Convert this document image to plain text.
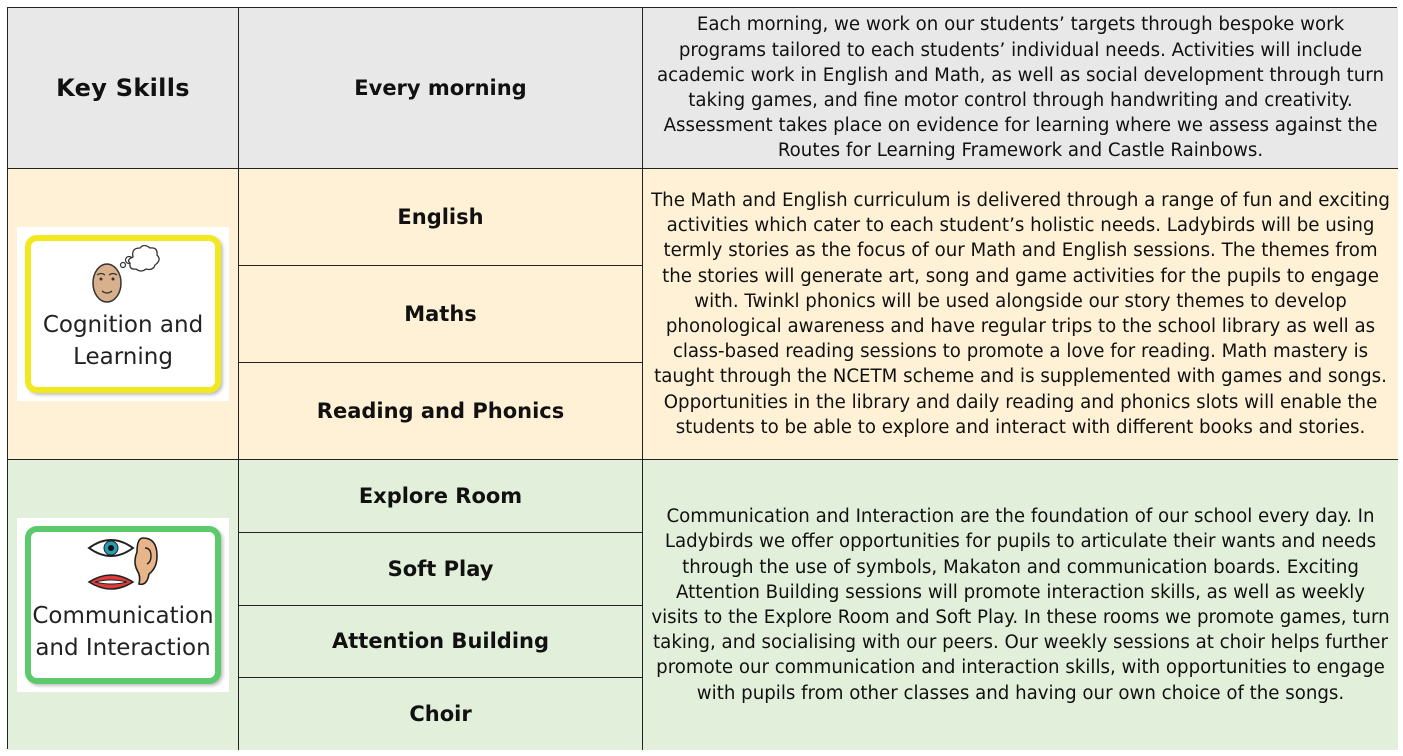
Key Skills	Every morning
Each morning, we work on our students’ targets through bespoke work programs tailored to each students’ individual needs. Activities will include academic work in English and Math, as well as social development through turn taking games, and fine motor control through handwriting and creativity. Assessment takes place on evidence for learning where we assess against the Routes for Learning Framework and Castle Rainbows.
Cognition and
Learning
English
Maths
Reading and Phonics
The Math and English curriculum is delivered through a range of fun and exciting activities which cater to each student’s holistic needs. Ladybirds will be using termly stories as the focus of our Math and English sessions. The themes from the stories will generate art, song and game activities for the pupils to engage with. Twinkl phonics will be used alongside our story themes to develop phonological awareness and have regular trips to the school library as well as class-based reading sessions to promote a love for reading. Math mastery is taught through the NCETM scheme and is supplemented with games and songs. Opportunities in the library and daily reading and phonics slots will enable the students to be able to explore and interact with different books and stories.
Communication
and Interaction
Explore Room
Soft Play
Attention Building
Choir
Communication and Interaction are the foundation of our school every day. In Ladybirds we offer opportunities for pupils to articulate their wants and needs through the use of symbols, Makaton and communication boards. Exciting Attention Building sessions will promote interaction skills, as well as weekly visits to the Explore Room and Soft Play. In these rooms we promote games, turn taking, and socialising with our peers. Our weekly sessions at choir helps further promote our communication and interaction skills, with opportunities to engage with pupils from other classes and having our own choice of the songs.
